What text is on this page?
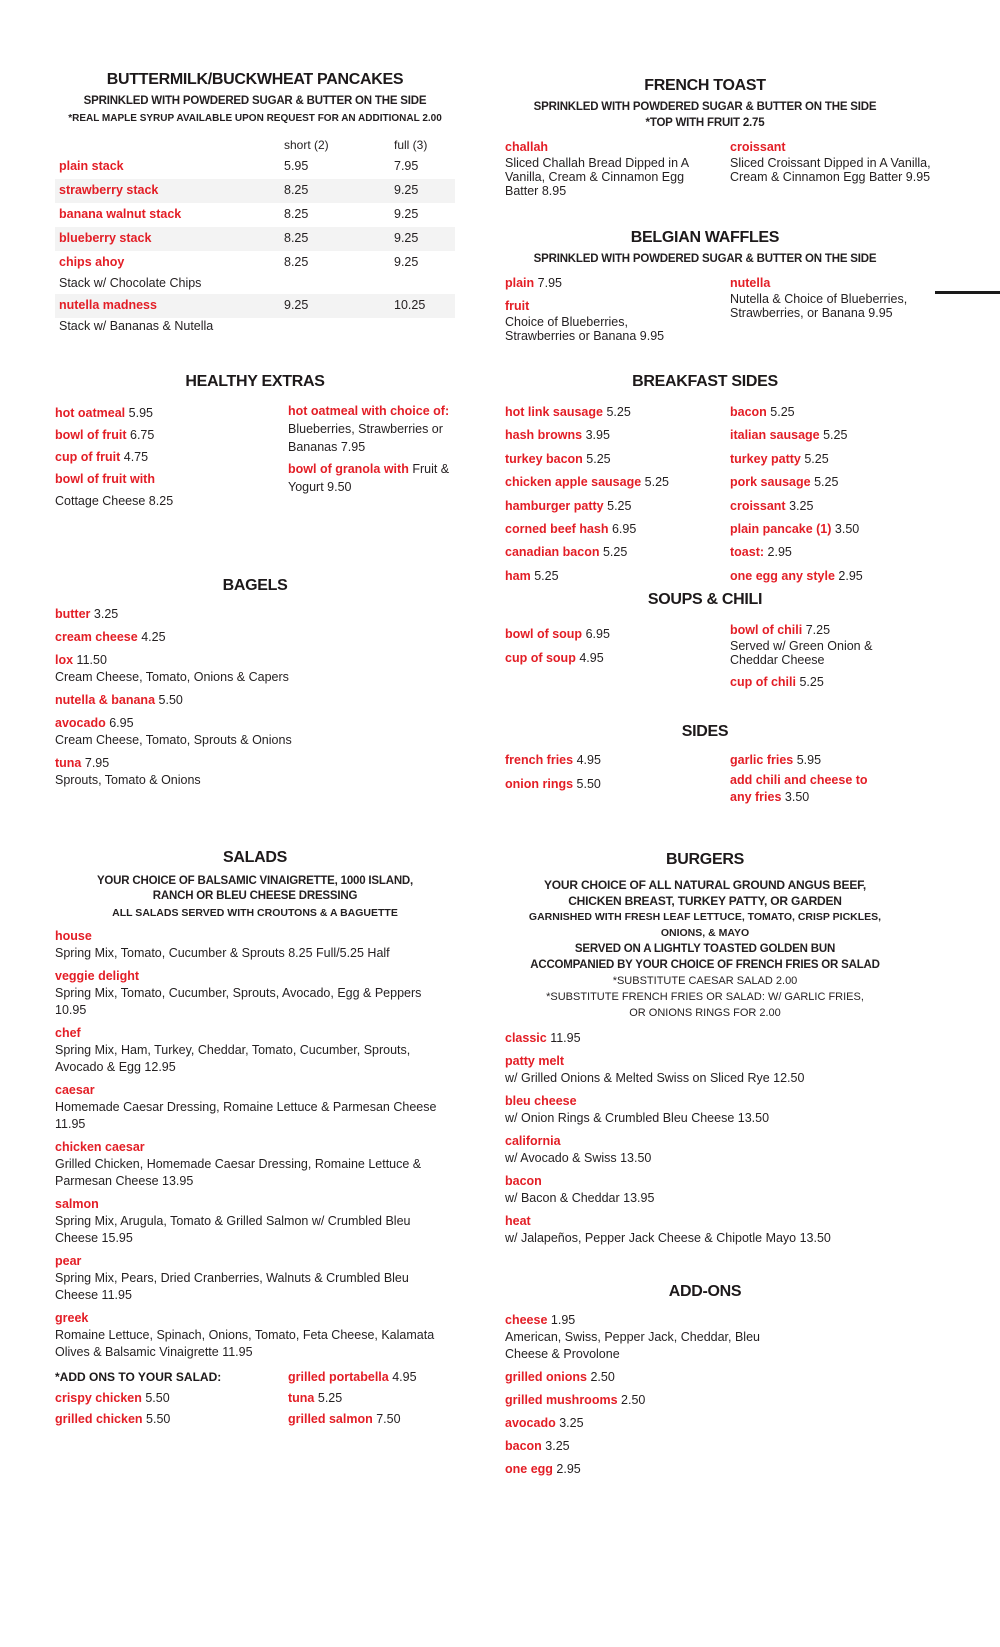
BUTTERMILK/BUCKWHEAT PANCAKES
SPRINKLED WITH POWDERED SUGAR & BUTTER ON THE SIDE
*REAL MAPLE SYRUP AVAILABLE UPON REQUEST FOR AN ADDITIONAL 2.00
short (2)	full (3)
plain stack	5.95	7.95
strawberry stack	8.25	9.25
banana walnut stack	8.25	9.25
blueberry stack	8.25	9.25
chips ahoy	8.25	9.25
Stack w/ Chocolate Chips
nutella madness	9.25	10.25
Stack w/ Bananas & Nutella
HEALTHY EXTRAS
hot oatmeal 5.95
bowl of fruit 6.75
cup of fruit 4.75
bowl of fruit with
Cottage Cheese 8.25
hot oatmeal with choice of: Blueberries, Strawberries or Bananas 7.95
bowl of granola with Fruit & Yogurt 9.50
BAGELS
butter 3.25
cream cheese 4.25
lox 11.50
Cream Cheese, Tomato, Onions & Capers
nutella & banana 5.50
avocado 6.95
Cream Cheese, Tomato, Sprouts & Onions
tuna 7.95
Sprouts, Tomato & Onions
SALADS
YOUR CHOICE OF BALSAMIC VINAIGRETTE, 1000 ISLAND,
RANCH OR BLEU CHEESE DRESSING
ALL SALADS SERVED WITH CROUTONS & A BAGUETTE
house
Spring Mix, Tomato, Cucumber & Sprouts 8.25 Full/5.25 Half
veggie delight
Spring Mix, Tomato, Cucumber, Sprouts, Avocado, Egg & Peppers 10.95
chef
Spring Mix, Ham, Turkey, Cheddar, Tomato, Cucumber, Sprouts, Avocado & Egg 12.95
caesar
Homemade Caesar Dressing, Romaine Lettuce & Parmesan Cheese 11.95
chicken caesar
Grilled Chicken, Homemade Caesar Dressing, Romaine Lettuce & Parmesan Cheese 13.95
salmon
Spring Mix, Arugula, Tomato & Grilled Salmon w/ Crumbled Bleu Cheese 15.95
pear
Spring Mix, Pears, Dried Cranberries, Walnuts & Crumbled Bleu Cheese 11.95
greek
Romaine Lettuce, Spinach, Onions, Tomato, Feta Cheese, Kalamata Olives & Balsamic Vinaigrette 11.95
*ADD ONS TO YOUR SALAD:
crispy chicken 5.50
grilled chicken 5.50
grilled portabella 4.95
tuna 5.25
grilled salmon 7.50
FRENCH TOAST
SPRINKLED WITH POWDERED SUGAR & BUTTER ON THE SIDE
*TOP WITH FRUIT 2.75
challah
Sliced Challah Bread Dipped in A Vanilla, Cream & Cinnamon Egg Batter 8.95
croissant
Sliced Croissant Dipped in A Vanilla, Cream & Cinnamon Egg Batter 9.95
BELGIAN WAFFLES
SPRINKLED WITH POWDERED SUGAR & BUTTER ON THE SIDE
plain 7.95
fruit
Choice of Blueberries, Strawberries or Banana 9.95
nutella
Nutella & Choice of Blueberries, Strawberries, or Banana 9.95
BREAKFAST SIDES
hot link sausage 5.25
hash browns 3.95
turkey bacon 5.25
chicken apple sausage 5.25
hamburger patty 5.25
corned beef hash 6.95
canadian bacon 5.25
ham 5.25
bacon 5.25
italian sausage 5.25
turkey patty 5.25
pork sausage 5.25
croissant 3.25
plain pancake (1) 3.50
toast: 2.95
one egg any style 2.95
SOUPS & CHILI
bowl of soup 6.95
cup of soup 4.95
bowl of chili 7.25
Served w/ Green Onion & Cheddar Cheese
cup of chili 5.25
SIDES
french fries 4.95
onion rings 5.50
garlic fries 5.95
add chili and cheese to any fries 3.50
BURGERS
YOUR CHOICE OF ALL NATURAL GROUND ANGUS BEEF,
CHICKEN BREAST, TURKEY PATTY, OR GARDEN
GARNISHED WITH FRESH LEAF LETTUCE, TOMATO, CRISP PICKLES,
ONIONS, & MAYO
SERVED ON A LIGHTLY TOASTED GOLDEN BUN
ACCOMPANIED BY YOUR CHOICE OF FRENCH FRIES OR SALAD
*SUBSTITUTE CAESAR SALAD 2.00
*SUBSTITUTE FRENCH FRIES OR SALAD: W/ GARLIC FRIES,
OR ONIONS RINGS FOR 2.00
classic 11.95
patty melt
w/ Grilled Onions & Melted Swiss on Sliced Rye 12.50
bleu cheese
w/ Onion Rings & Crumbled Bleu Cheese 13.50
california
w/ Avocado & Swiss 13.50
bacon
w/ Bacon & Cheddar 13.95
heat
w/ Jalapeños, Pepper Jack Cheese & Chipotle Mayo 13.50
ADD-ONS
cheese 1.95
American, Swiss, Pepper Jack, Cheddar, Bleu Cheese & Provolone
grilled onions 2.50
grilled mushrooms 2.50
avocado 3.25
bacon 3.25
one egg 2.95
